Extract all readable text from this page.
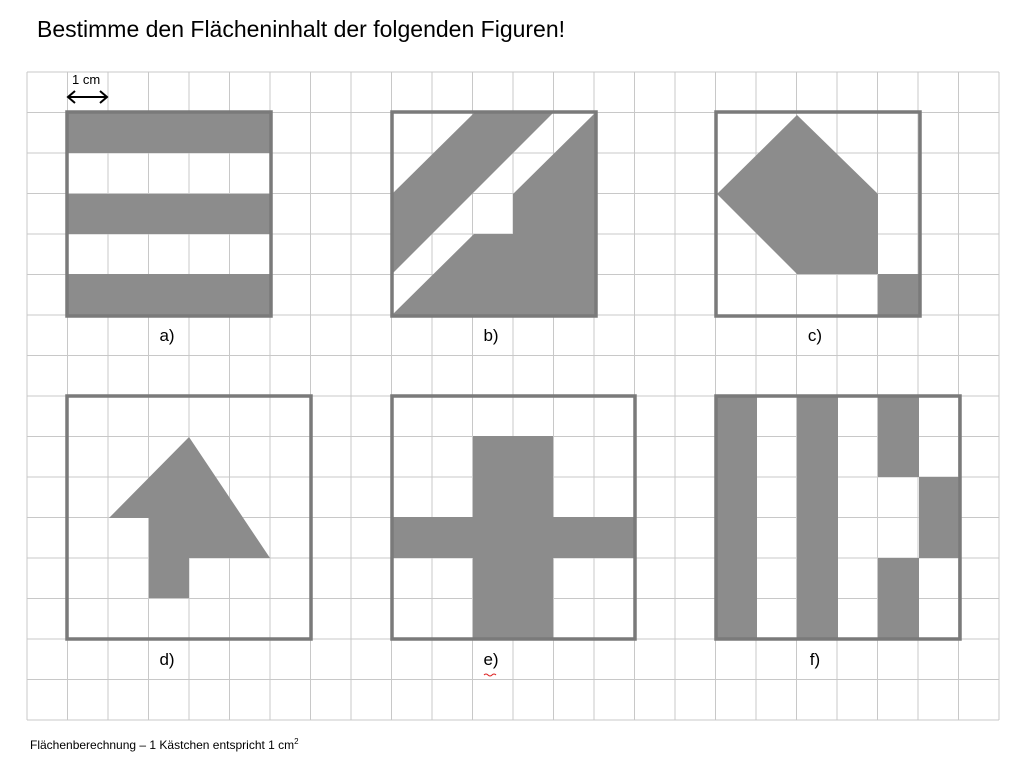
Bestimme den Flächeninhalt der folgenden Figuren!
1 cm
a)	b)	c)
d)	e)	f)
Flächenberechnung – 1 Kästchen entspricht 1 $cm^2$
